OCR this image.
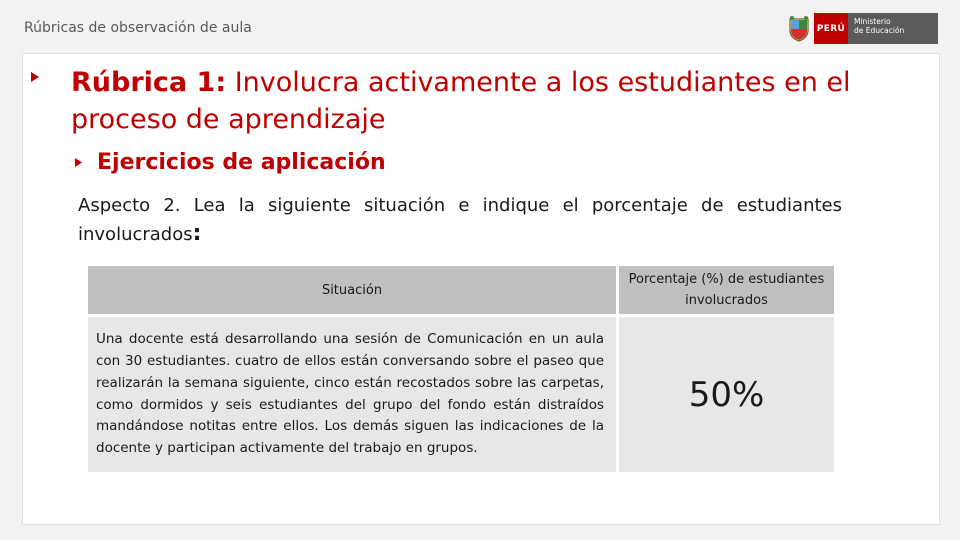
Rúbricas de observación de aula	PERÚ
Ministerio
de Educación
Rúbrica 1: Involucra activamente a los estudiantes en el proceso de aprendizaje
Ejercicios de aplicación
Aspecto 2. Lea la siguiente situación e indique el porcentaje de estudiantes involucrados:
Situación	Porcentaje (%) de estudiantes involucrados
Una docente está desarrollando una sesión de Comunicación en un aula con 30 estudiantes. cuatro de ellos están conversando sobre el paseo que realizarán la semana siguiente, cinco están recostados sobre las carpetas, como dormidos y seis estudiantes del grupo del fondo están distraídos mandándose notitas entre ellos. Los demás siguen las indicaciones de la docente y participan activamente del trabajo en grupos.	50%
